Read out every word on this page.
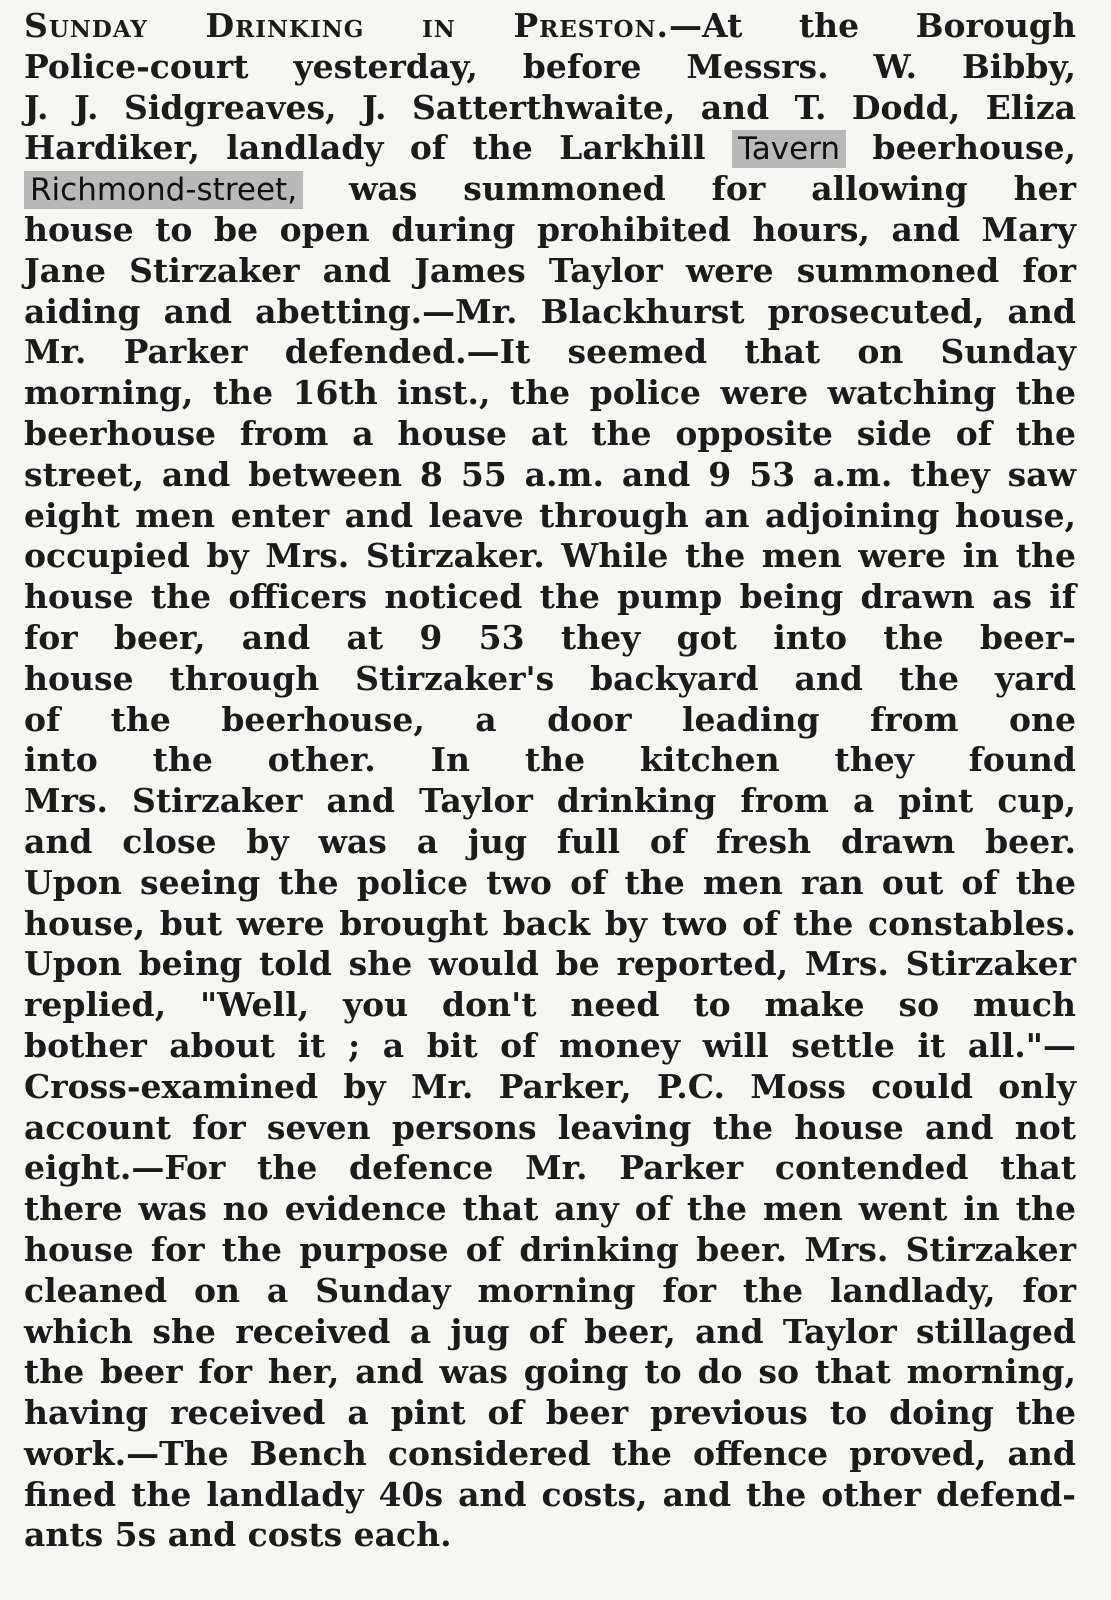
Sunday Drinking in Preston.—At the Borough
Police-court yesterday, before Messrs. W. Bibby,
J. J. Sidgreaves, J. Satterthwaite, and T. Dodd, Eliza
Hardiker, landlady of the Larkhill Tavern beerhouse,
Richmond-street, was summoned for allowing her
house to be open during prohibited hours, and Mary
Jane Stirzaker and James Taylor were summoned for
aiding and abetting.—Mr. Blackhurst prosecuted, and
Mr. Parker defended.—It seemed that on Sunday
morning, the 16th inst., the police were watching the
beerhouse from a house at the opposite side of the
street, and between 8 55 a.m. and 9 53 a.m. they saw
eight men enter and leave through an adjoining house,
occupied by Mrs. Stirzaker. While the men were in the
house the officers noticed the pump being drawn as if
for beer, and at 9 53 they got into the beer-
house through Stirzaker's backyard and the yard
of the beerhouse, a door leading from one
into the other. In the kitchen they found
Mrs. Stirzaker and Taylor drinking from a pint cup,
and close by was a jug full of fresh drawn beer.
Upon seeing the police two of the men ran out of the
house, but were brought back by two of the constables.
Upon being told she would be reported, Mrs. Stirzaker
replied, "Well, you don't need to make so much
bother about it ; a bit of money will settle it all."—
Cross-examined by Mr. Parker, P.C. Moss could only
account for seven persons leaving the house and not
eight.—For the defence Mr. Parker contended that
there was no evidence that any of the men went in the
house for the purpose of drinking beer. Mrs. Stirzaker
cleaned on a Sunday morning for the landlady, for
which she received a jug of beer, and Taylor stillaged
the beer for her, and was going to do so that morning,
having received a pint of beer previous to doing the
work.—The Bench considered the offence proved, and
fined the landlady 40s and costs, and the other defend-
ants 5s and costs each.
